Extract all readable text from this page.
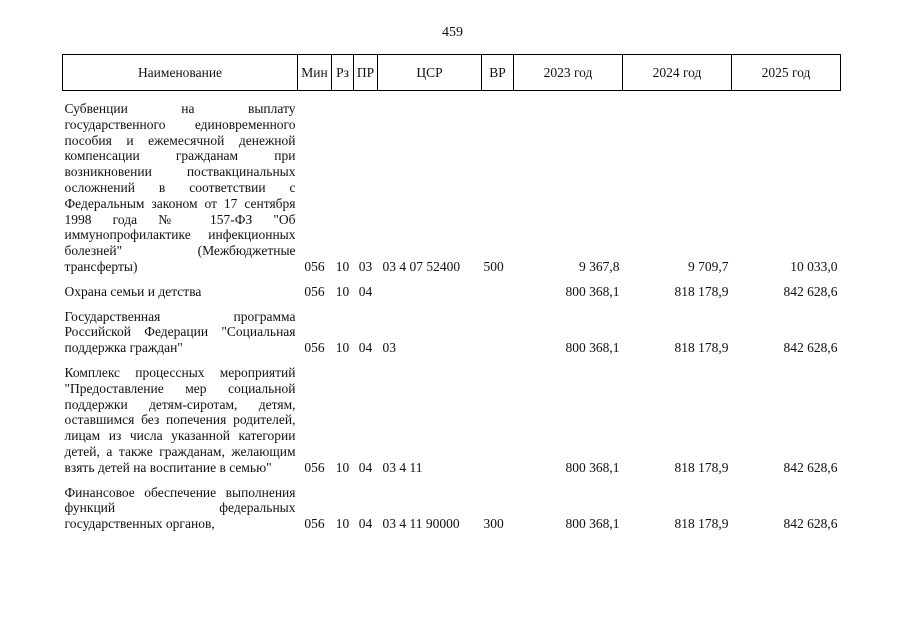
459
Наименование	Мин	Рз	ПР	ЦСР	ВР	2023 год	2024 год	2025 год
Субвенции на выплату государственного единовременного пособия и ежемесячной денежной компенсации гражданам при возникновении поствакцинальных осложнений в соответствии с Федеральным законом от 17 сентября 1998 года № 157-ФЗ "Об иммунопрофилактике инфекционных болезней" (Межбюджетные трансферты)	056	10	03	03 4 07 52400	500	9 367,8	9 709,7	10 033,0

Охрана семьи и детства	056	10	04			800 368,1	818 178,9	842 628,6

Государственная программа Российской Федерации "Социальная поддержка граждан"	056	10	04	03		800 368,1	818 178,9	842 628,6

Комплекс процессных мероприятий "Предоставление мер социальной поддержки детям-сиротам, детям, оставшимся без попечения родителей, лицам из числа указанной категории детей, а также гражданам, желающим взять детей на воспитание в семью"	056	10	04	03 4 11		800 368,1	818 178,9	842 628,6

Финансовое обеспечение выполнения функций федеральных государственных органов,	056	10	04	03 4 11 90000	300	800 368,1	818 178,9	842 628,6
